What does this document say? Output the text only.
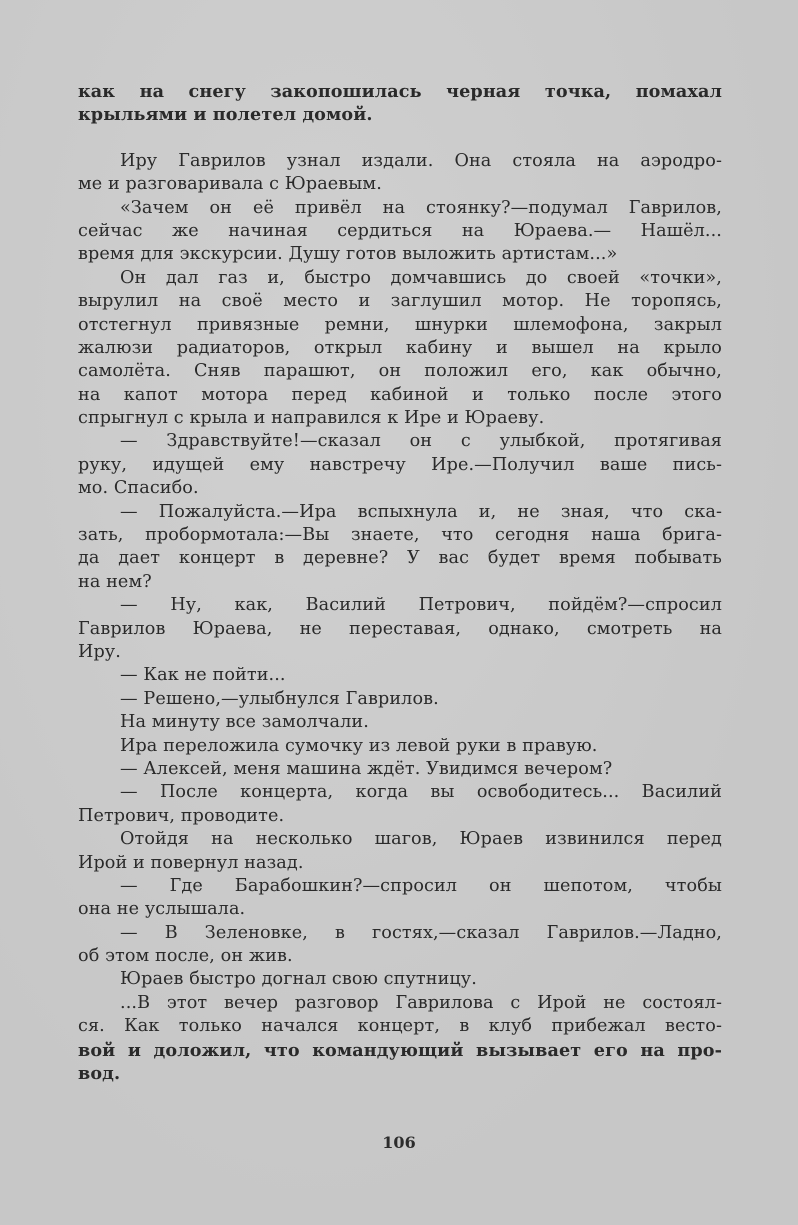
как на снегу закопошилась черная точка, помахал
крыльями и полетел домой.
Иру Гаврилов узнал издали. Она стояла на аэродро-
ме и разговаривала с Юраевым.
«Зачем он её привёл на стоянку?—подумал Гаврилов,
сейчас же начиная сердиться на Юраева.— Нашёл...
время для экскурсии. Душу готов выложить артистам...»
Он дал газ и, быстро домчавшись до своей «точки»,
вырулил на своё место и заглушил мотор. Не торопясь,
отстегнул привязные ремни, шнурки шлемофона, закрыл
жалюзи радиаторов, открыл кабину и вышел на крыло
самолёта. Сняв парашют, он положил его, как обычно,
на капот мотора перед кабиной и только после этого
спрыгнул с крыла и направился к Ире и Юраеву.
— Здравствуйте!—сказал он с улыбкой, протягивая
руку, идущей ему навстречу Ире.—Получил ваше пись-
мо. Спасибо.
— Пожалуйста.—Ира вспыхнула и, не зная, что ска-
зать, пробормотала:—Вы знаете, что сегодня наша брига-
да дает концерт в деревне? У вас будет время побывать
на нем?
— Ну, как, Василий Петрович, пойдём?—спросил
Гаврилов Юраева, не переставая, однако, смотреть на
Иру.
— Как не пойти...
— Решено,—улыбнулся Гаврилов.
На минуту все замолчали.
Ира переложила сумочку из левой руки в правую.
— Алексей, меня машина ждёт. Увидимся вечером?
— После концерта, когда вы освободитесь... Василий
Петрович, проводите.
Отойдя на несколько шагов, Юраев извинился перед
Ирой и повернул назад.
— Где Барабошкин?—спросил он шепотом, чтобы
она не услышала.
— В Зеленовке, в гостях,—сказал Гаврилов.—Ладно,
об этом после, он жив.
Юраев быстро догнал свою спутницу.
...В этот вечер разговор Гаврилова с Ирой не состоял-
ся. Как только начался концерт, в клуб прибежал весто-
вой и доложил, что командующий вызывает его на про-
вод.
106
